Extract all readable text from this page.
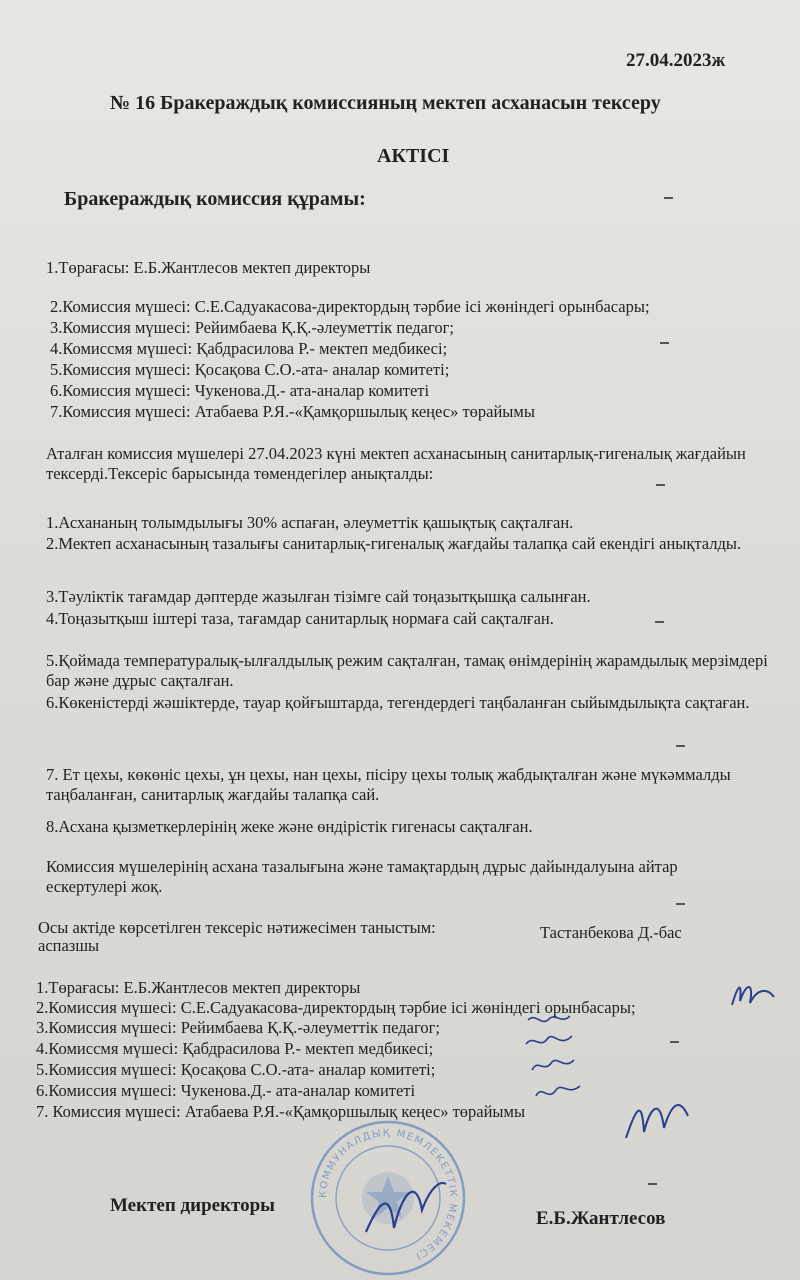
27.04.2023ж
№ 16 Бракераждық комиссияның мектеп асханасын тексеру
АКТІСІ
Бракераждық комиссия құрамы:
1.Төрағасы: Е.Б.Жантлесов мектеп директоры
2.Комиссия мүшесі: С.Е.Садуакасова-директордың тәрбие ісі жөніндегі орынбасары;
3.Комиссия мүшесі: Рейимбаева Қ.Қ.-әлеуметтік педагог;
4.Комиссмя мүшесі: Қабдрасилова Р.- мектеп медбикесі;
5.Комиссия мүшесі: Қосақова С.О.-ата- аналар комитеті;
6.Комиссия мүшесі: Чукенова.Д.- ата-аналар комитеті
7.Комиссия мүшесі: Атабаева Р.Я.-«Қамқоршылық кеңес» төрайымы
Аталған комиссия мүшелері 27.04.2023 күні мектеп асханасының санитарлық-гигеналық жағдайын тексерді.Тексеріс барысында төмендегілер анықталды:
1.Асхананың толымдылығы 30% аспаған, әлеуметтік қашықтық сақталған.
2.Мектеп асханасының тазалығы санитарлық-гигеналық жағдайы талапқа сай екендігі анықталды.
3.Тәуліктік тағамдар дәптерде жазылған тізімге сай тоңазытқышқа салынған.
4.Тоңазытқыш іштері таза, тағамдар санитарлық нормаға сай сақталған.
5.Қоймада температуралық-ылғалдылық режим сақталған, тамақ өнімдерінің жарамдылық мерзімдері бар және дұрыс сақталған.
6.Көкеністерді жәшіктерде, тауар қойғыштарда, тегендердегі таңбаланған сыйымдылықта сақтаған.
7. Ет цехы, көкөніс цехы, ұн цехы, нан цехы, пісіру цехы толық жабдықталған және мүкәммалды таңбаланған, санитарлық жағдайы талапқа сай.
8.Асхана қызметкерлерінің жеке және өндірістік гигенасы сақталған.
Комиссия мүшелерінің асхана тазалығына және тамақтардың дұрыс дайындалуына айтар ескертулері жоқ.
Осы актіде көрсетілген тексеріс нәтижесімен таныстым:	Тастанбекова Д.-бас
аспазшы
1.Төрағасы: Е.Б.Жантлесов мектеп директоры
2.Комиссия мүшесі: С.Е.Садуакасова-директордың тәрбие ісі жөніндегі орынбасары;
3.Комиссия мүшесі: Рейимбаева Қ.Қ.-әлеуметтік педагог;
4.Комиссмя мүшесі: Қабдрасилова Р.- мектеп медбикесі;
5.Комиссия мүшесі: Қосақова С.О.-ата- аналар комитеті;
6.Комиссия мүшесі: Чукенова.Д.- ата-аналар комитеті
7. Комиссия мүшесі: Атабаева Р.Я.-«Қамқоршылық кеңес» төрайымы
КОММУНАЛДЫҚ МЕМЛЕКЕТТІК МЕКЕМЕСІ
Мектеп директоры
Е.Б.Жантлесов
